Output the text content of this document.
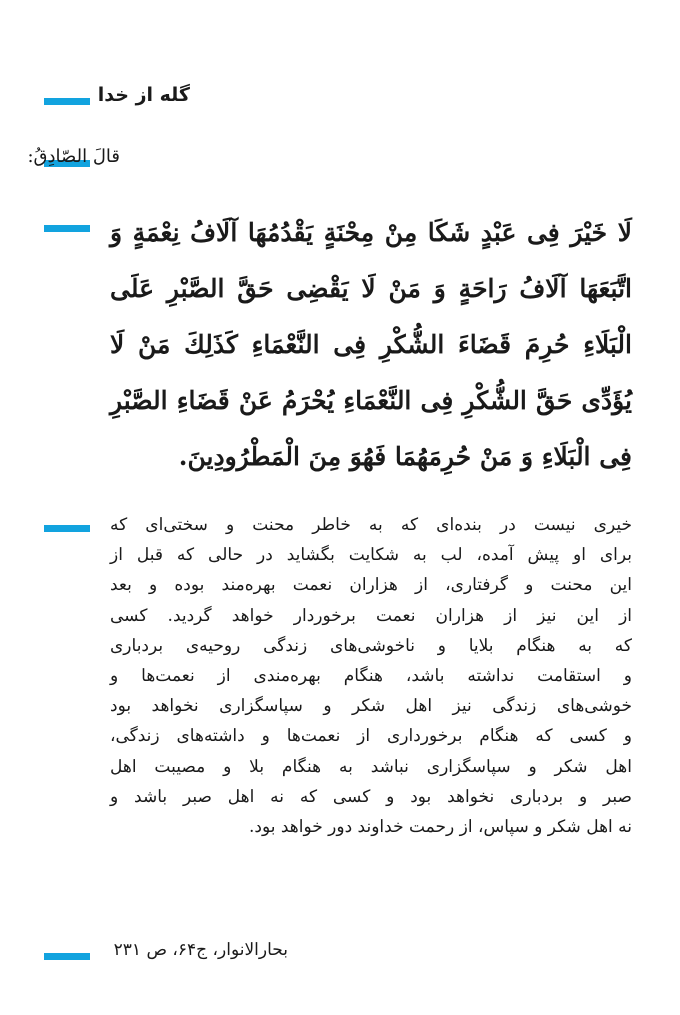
گله از خدا
قالَ الصّادِقُ:
لَا خَیْرَ فِی عَبْدٍ شَکَا مِنْ مِحْنَةٍ یَقْدُمُهَا آلَافُ نِعْمَةٍ وَ
اتَّبَعَهَا آلَافُ رَاحَةٍ وَ مَنْ لَا یَقْضِی حَقَّ الصَّبْرِ عَلَى
الْبَلَاءِ حُرِمَ قَضَاءَ الشُّكْرِ فِی النَّعْمَاءِ كَذَلِكَ مَنْ لَا
یُؤَدِّی حَقَّ الشُّكْرِ فِی النَّعْمَاءِ یُحْرَمُ عَنْ قَضَاءِ الصَّبْرِ
فِی الْبَلَاءِ وَ مَنْ حُرِمَهُمَا فَهُوَ مِنَ الْمَطْرُودِینَ.
خیری نیست در بنده‌ای که به خاطر محنت و سختی‌ای که
برای او پیش آمده، لب به شکایت بگشاید در حالی که قبل از
این محنت و گرفتاری، از هزاران نعمت بهره‌مند بوده و بعد
از این نیز از هزاران نعمت برخوردار خواهد گردید. کسی
که به هنگام بلایا و ناخوشی‌های زندگی روحیه‌ی بردباری
و استقامت نداشته باشد، هنگام بهره‌مندی از نعمت‌ها و
خوشی‌های زندگی نیز اهل شکر و سپاسگزاری نخواهد بود
و کسی که هنگام برخورداری از نعمت‌ها و داشته‌های زندگی،
اهل شکر و سپاسگزاری نباشد به هنگام بلا و مصیبت اهل
صبر و بردباری نخواهد بود و کسی که نه اهل صبر باشد و
نه اهل شکر و سپاس، از رحمت خداوند دور خواهد بود.
بحارالانوار، ج۶۴، ص ۲۳۱
